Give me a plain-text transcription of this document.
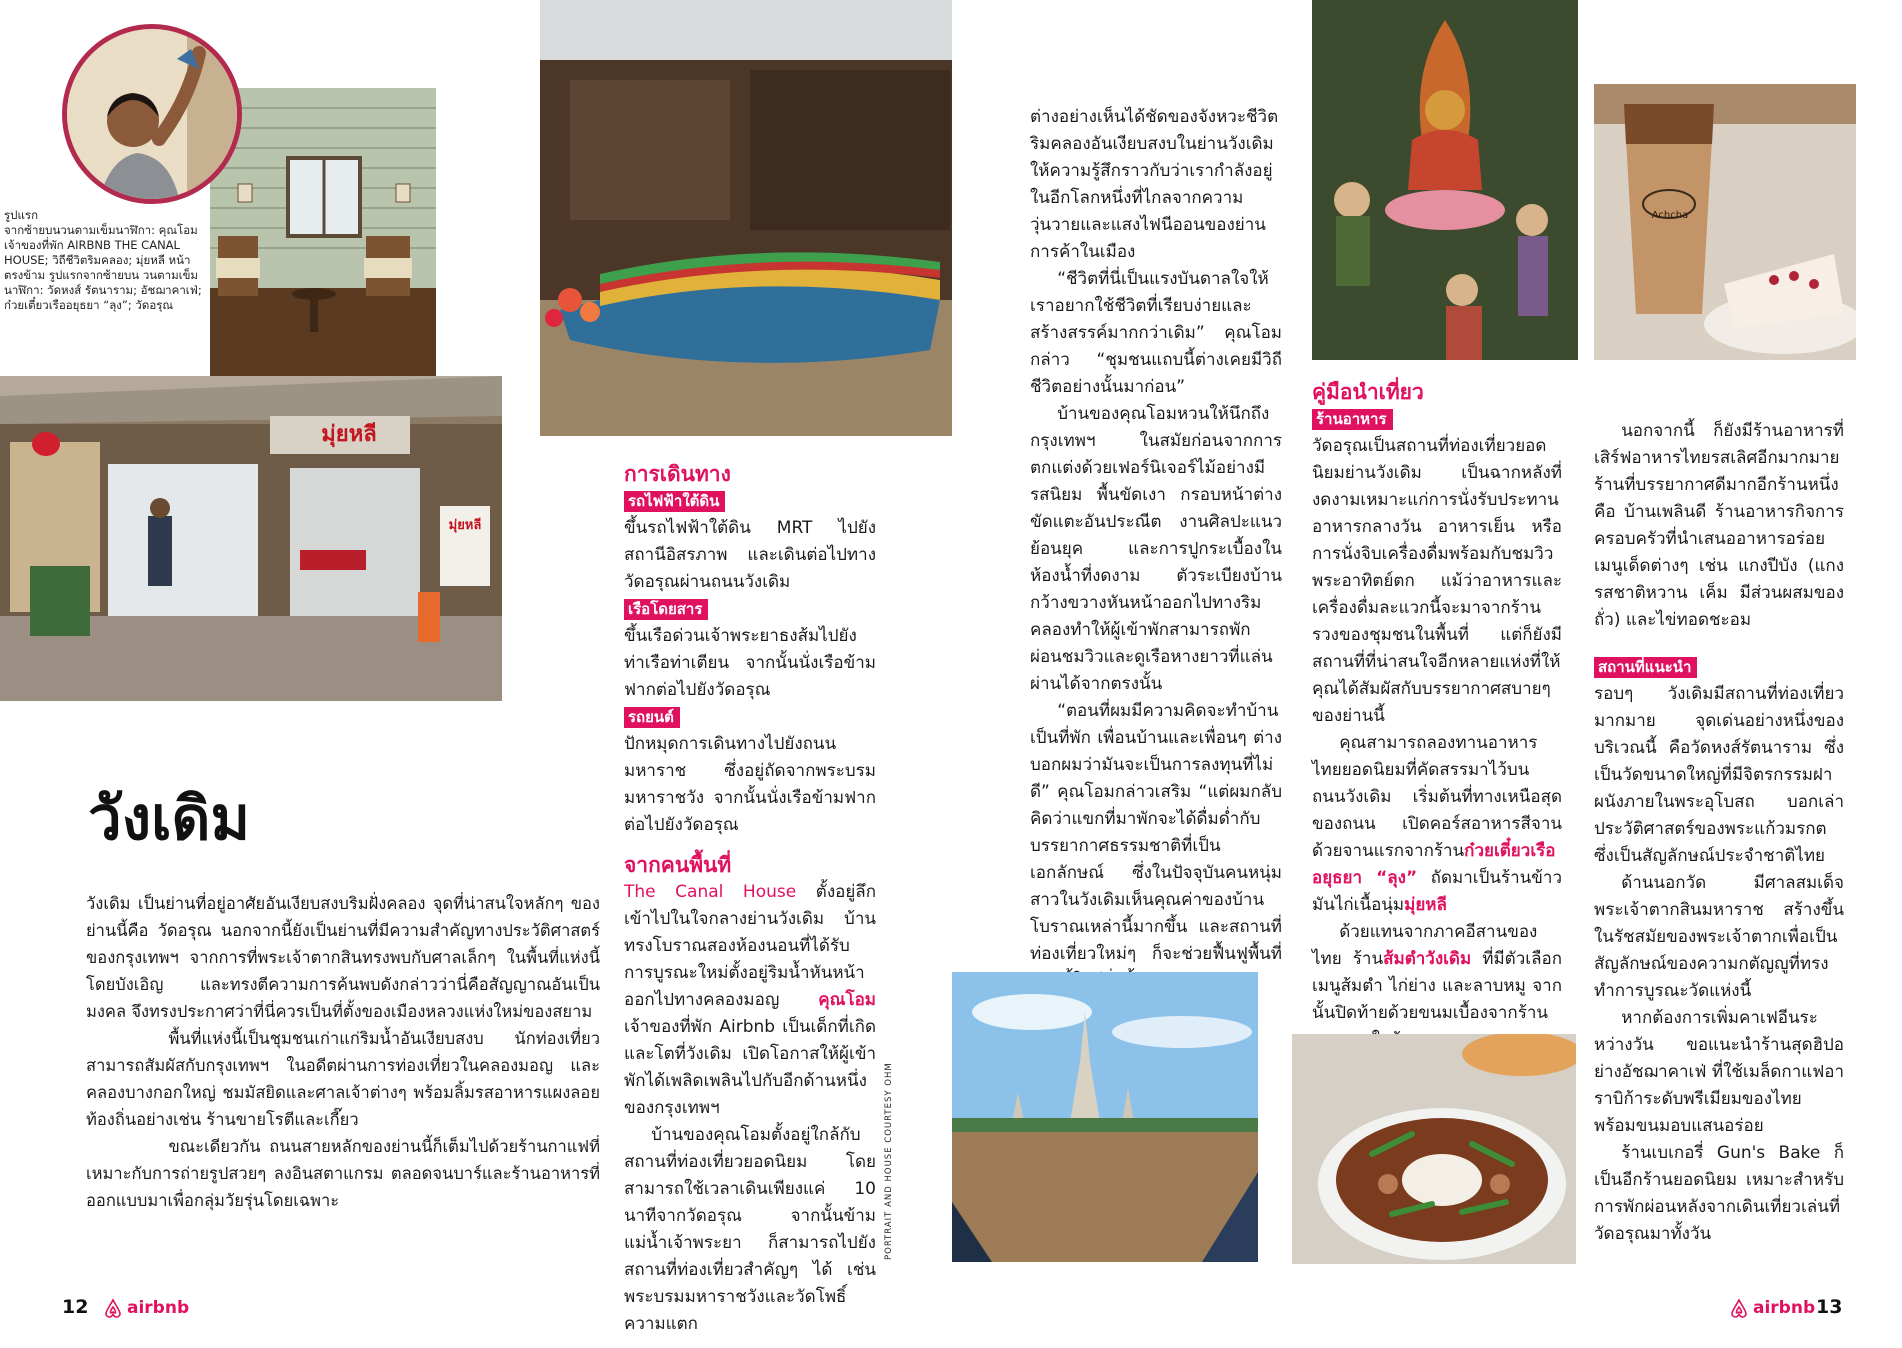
รูปแรก
จากซ้ายบนวนตามเข็มนาฬิกา: คุณโอมเจ้าของที่พัก AIRBNB THE CANAL HOUSE; วิถีชีวิตริมคลอง; มุ่ยหลี หน้าตรงข้าม รูปแรกจากซ้ายบน วนตามเข็มนาฬิกา: วัดหงส์ รัตนาราม; อัชฌาคาเฟ่; ก๋วยเตี๋ยวเรืออยุธยา “ลุง”; วัดอรุณ
มุ่ยหลี
มุ่ยหลี
วังเดิม

วังเดิม เป็นย่านที่อยู่อาศัยอันเงียบสงบริมฝั่งคลอง จุดที่น่าสนใจหลักๆ ของย่านนี้คือ วัดอรุณ นอกจากนี้ยังเป็นย่านที่มีความสำคัญทางประวัติศาสตร์ของกรุงเทพฯ จากการที่พระเจ้าตากสินทรงพบกับศาลเล็กๆ ในพื้นที่แห่งนี้โดยบังเอิญ และทรงตีความการค้นพบดังกล่าวว่านี่คือสัญญาณอันเป็นมงคล จึงทรงประกาศว่าที่นี่ควรเป็นที่ตั้งของเมืองหลวงแห่งใหม่ของสยาม

พื้นที่แห่งนี้เป็นชุมชนเก่าแก่ริมน้ำอันเงียบสงบ นักท่องเที่ยวสามารถสัมผัสกับกรุงเทพฯ ในอดีตผ่านการท่องเที่ยวในคลองมอญ และคลองบางกอกใหญ่ ชมมัสยิดและศาลเจ้าต่างๆ พร้อมลิ้มรสอาหารแผงลอยท้องถิ่นอย่างเช่น ร้านขายโรตีและเกี๊ยว

ขณะเดียวกัน ถนนสายหลักของย่านนี้ก็เต็มไปด้วยร้านกาแฟที่เหมาะกับการถ่ายรูปสวยๆ ลงอินสตาแกรม ตลอดจนบาร์และร้านอาหารที่ออกแบบมาเพื่อกลุ่มวัยรุ่นโดยเฉพาะ

การเดินทาง
รถไฟฟ้าใต้ดิน

ขึ้นรถไฟฟ้าใต้ดิน MRT ไปยังสถานีอิสรภาพ และเดินต่อไปทางวัดอรุณผ่านถนนวังเดิม

เรือโดยสาร

ขึ้นเรือด่วนเจ้าพระยาธงส้มไปยังท่าเรือท่าเตียน จากนั้นนั่งเรือข้ามฟากต่อไปยังวัดอรุณ

รถยนต์

ปักหมุดการเดินทางไปยังถนนมหาราช ซึ่งอยู่ถัดจากพระบรมมหาราชวัง จากนั้นนั่งเรือข้ามฟากต่อไปยังวัดอรุณ

จากคนพื้นที่

The Canal House ตั้งอยู่ลึกเข้าไปในใจกลางย่านวังเดิม บ้านทรงโบราณสองห้องนอนที่ได้รับการบูรณะใหม่ตั้งอยู่ริมน้ำหันหน้าออกไปทางคลองมอญ คุณโอมเจ้าของที่พัก Airbnb เป็นเด็กที่เกิดและโตที่วังเดิม เปิดโอกาสให้ผู้เข้าพักได้เพลิดเพลินไปกับอีกด้านหนึ่งของกรุงเทพฯ

บ้านของคุณโอมตั้งอยู่ใกล้กับสถานที่ท่องเที่ยวยอดนิยม โดยสามารถใช้เวลาเดินเพียงแค่ 10 นาทีจากวัดอรุณ จากนั้นข้ามแม่น้ำเจ้าพระยา ก็สามารถไปยังสถานที่ท่องเที่ยวสำคัญๆ ได้ เช่น พระบรมมหาราชวังและวัดโพธิ์ ความแตก

PORTRAIT AND HOUSE COURTESY OHM
12 airbnb

ต่างอย่างเห็นได้ชัดของจังหวะชีวิตริมคลองอันเงียบสงบในย่านวังเดิม ให้ความรู้สึกราวกับว่าเรากำลังอยู่ในอีกโลกหนึ่งที่ไกลจากความวุ่นวายและแสงไฟนีออนของย่านการค้าในเมือง

“ชีวิตที่นี่เป็นแรงบันดาลใจให้เราอยากใช้ชีวิตที่เรียบง่ายและสร้างสรรค์มากกว่าเดิม” คุณโอมกล่าว “ชุมชนแถบนี้ต่างเคยมีวิถีชีวิตอย่างนั้นมาก่อน”

บ้านของคุณโอมหวนให้นึกถึงกรุงเทพฯ ในสมัยก่อนจากการตกแต่งด้วยเฟอร์นิเจอร์ไม้อย่างมีรสนิยม พื้นขัดเงา กรอบหน้าต่างขัดแตะอันประณีต งานศิลปะแนวย้อนยุค และการปูกระเบื้องในห้องน้ำที่งดงาม ตัวระเบียงบ้านกว้างขวางหันหน้าออกไปทางริมคลองทำให้ผู้เข้าพักสามารถพักผ่อนชมวิวและดูเรือหางยาวที่แล่นผ่านได้จากตรงนั้น

“ตอนที่ผมมีความคิดจะทำบ้านเป็นที่พัก เพื่อนบ้านและเพื่อนๆ ต่างบอกผมว่ามันจะเป็นการลงทุนที่ไม่ดี” คุณโอมกล่าวเสริม “แต่ผมกลับคิดว่าแขกที่มาพักจะได้ดื่มด่ำกับบรรยากาศธรรมชาติที่เป็นเอกลักษณ์ ซึ่งในปัจจุบันคนหนุ่มสาวในวังเดิมเห็นคุณค่าของบ้านโบราณเหล่านี้มากขึ้น และสถานที่ท่องเที่ยวใหม่ๆ ก็จะช่วยฟื้นฟูพื้นที่

คู่มือนำเที่ยว
ร้านอาหาร

วัดอรุณเป็นสถานที่ท่องเที่ยวยอดนิยมย่านวังเดิม เป็นฉากหลังที่งดงามเหมาะแก่การนั่งรับประทานอาหารกลางวัน อาหารเย็น หรือการนั่งจิบเครื่องดื่มพร้อมกับชมวิวพระอาทิตย์ตก แม้ว่าอาหารและเครื่องดื่มละแวกนี้จะมาจากร้านรวงของชุมชนในพื้นที่ แต่ก็ยังมีสถานที่ที่น่าสนใจอีกหลายแห่งที่ให้คุณได้สัมผัสกับบรรยากาศสบายๆ ของย่านนี้

คุณสามารถลองทานอาหารไทยยอดนิยมที่คัดสรรมาไว้บนถนนวังเดิม เริ่มต้นที่ทางเหนือสุดของถนน เปิดคอร์สอาหารสีจานด้วยจานแรกจากร้านก๋วยเตี๋ยวเรืออยุธยา “ลุง” ถัดมาเป็นร้านข้าวมันไก่เนื้อนุ่มมุ่ยหลี

ด้วยแทนจากภาคอีสานของไทย ร้านส้มตำวังเดิม ที่มีตัวเลือกเมนูส้มตำ ไก่ย่าง และลาบหมู จากนั้นปิดท้ายด้วยขนมเบื้องจากร้าน

Achcha

นอกจากนี้ ก็ยังมีร้านอาหารที่เสิร์ฟอาหารไทยรสเลิศอีกมากมาย ร้านที่บรรยากาศดีมากอีกร้านหนึ่ง คือ บ้านเพลินดี ร้านอาหารกิจการครอบครัวที่นำเสนออาหารอร่อยเมนูเด็ดต่างๆ เช่น แกงปีบัง (แกงรสชาติหวาน เค็ม มีส่วนผสมของถั่ว) และไข่ทอดชะอม

สถานที่แนะนำ

รอบๆ วังเดิมมีสถานที่ท่องเที่ยวมากมาย จุดเด่นอย่างหนึ่งของบริเวณนี้ คือวัดหงส์รัตนาราม ซึ่งเป็นวัดขนาดใหญ่ที่มีจิตรกรรมฝาผนังภายในพระอุโบสถ บอกเล่าประวัติศาสตร์ของพระแก้วมรกตซึ่งเป็นสัญลักษณ์ประจำชาติไทย

ด้านนอกวัด มีศาลสมเด็จพระเจ้าตากสินมหาราช สร้างขึ้นในรัชสมัยของพระเจ้าตากเพื่อเป็นสัญลักษณ์ของความกตัญญูที่ทรงทำการบูรณะวัดแห่งนี้

หากต้องการเพิ่มคาเฟอีนระหว่างวัน ขอแนะนำร้านสุดฮิปอย่างอัชฌาคาเฟ่ ที่ใช้เมล็ดกาแฟอาราบิก้าระดับพรีเมียมของไทย พร้อมขนมอบแสนอร่อย

ร้านเบเกอรี่ Gun's Bake ก็เป็นอีกร้านยอดนิยม เหมาะสำหรับการพักผ่อนหลังจากเดินเที่ยวเล่นที่วัดอรุณมาทั้งวัน

airbnb 13
